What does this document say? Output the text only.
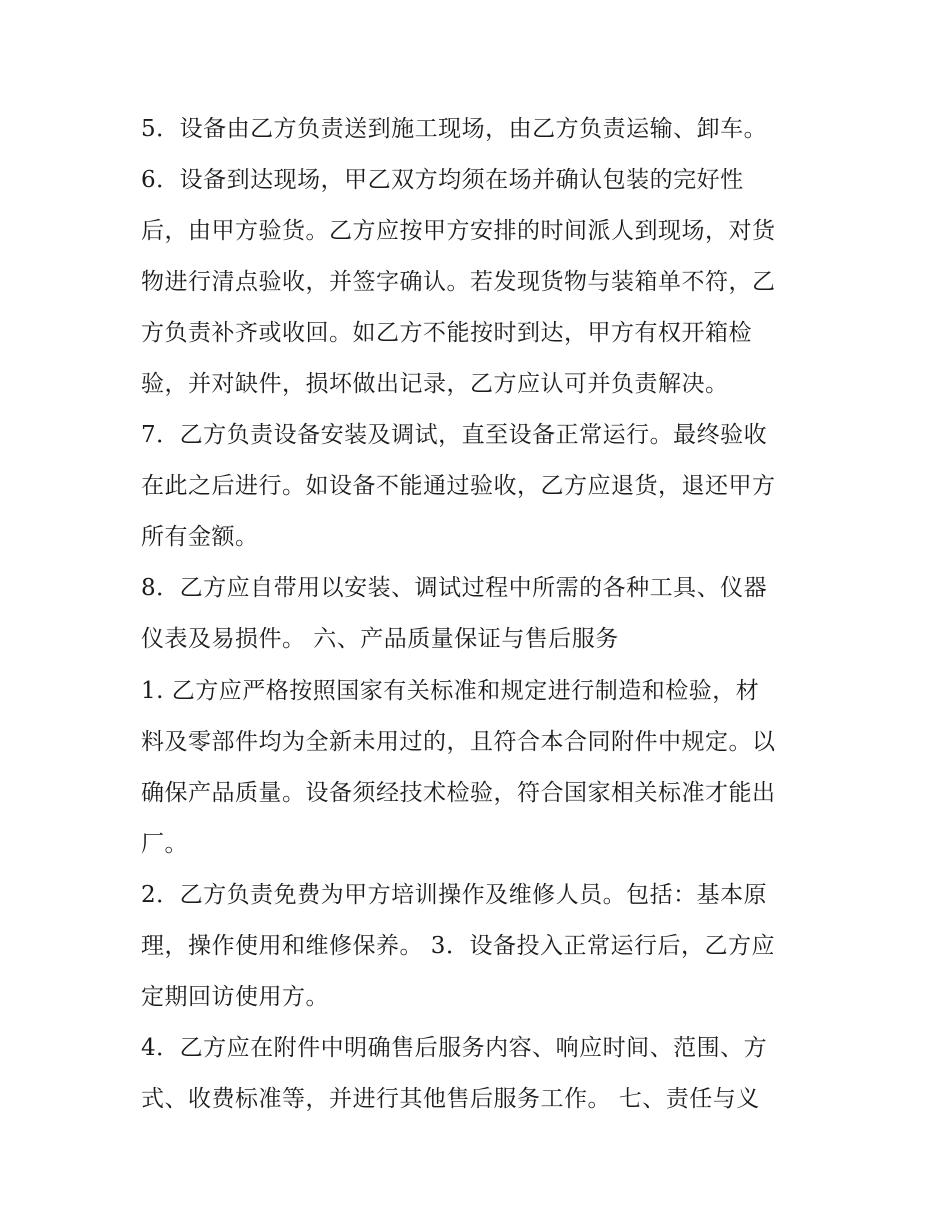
5．设备由乙方负责送到施工现场，由乙方负责运输、卸车。
6．设备到达现场，甲乙双方均须在场并确认包装的完好性
后，由甲方验货。乙方应按甲方安排的时间派人到现场，对货
物进行清点验收，并签字确认。若发现货物与装箱单不符，乙
方负责补齐或收回。如乙方不能按时到达，甲方有权开箱检
验，并对缺件，损坏做出记录，乙方应认可并负责解决。
7．乙方负责设备安装及调试，直至设备正常运行。最终验收
在此之后进行。如设备不能通过验收，乙方应退货，退还甲方
所有金额。
8．乙方应自带用以安装、调试过程中所需的各种工具、仪器
仪表及易损件。 六、产品质量保证与售后服务
1. 乙方应严格按照国家有关标准和规定进行制造和检验，材
料及零部件均为全新未用过的，且符合本合同附件中规定。以
确保产品质量。设备须经技术检验，符合国家相关标准才能出
厂。
2．乙方负责免费为甲方培训操作及维修人员。包括：基本原
理，操作使用和维修保养。 3．设备投入正常运行后，乙方应
定期回访使用方。
4．乙方应在附件中明确售后服务内容、响应时间、范围、方
式、收费标准等，并进行其他售后服务工作。 七、责任与义
